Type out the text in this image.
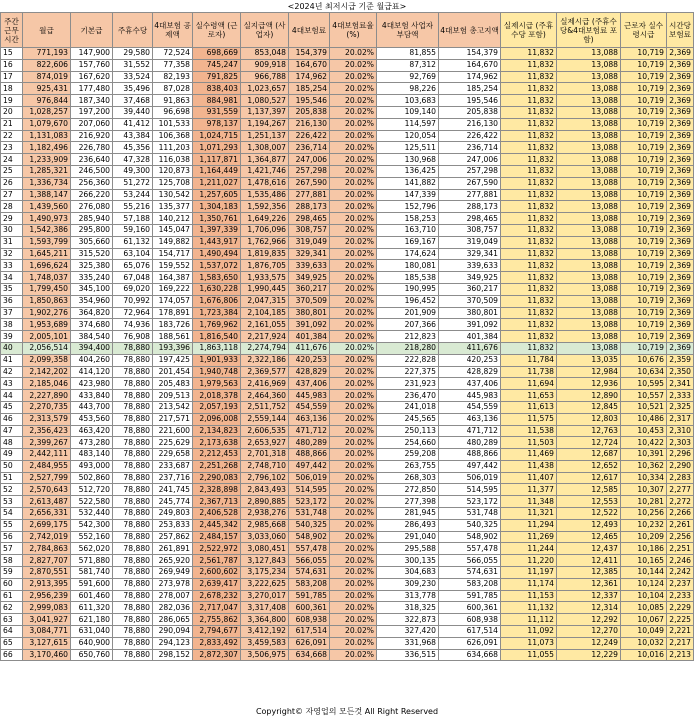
<2024년 최저시급 기준 월급표>
주간 근무 시간	월급	기본급	주휴수당	4대보험 공제액	실수령액 (근로자)	실지급액 (사업자)	4대보험료	4대보험료율 (%)	4대보험 사업자 부담액	4대보험 총고지액	실제시급 (주휴수당 포함)	실제시급 (주휴수당&4대보험료 포함)	근로자 실수령시급	시간당 보험료
15	771,193	147,900	29,580	72,524	698,669	853,048	154,379	20.02%	81,855	154,379	11,832	13,088	10,719	2,369
16	822,606	157,760	31,552	77,358	745,247	909,918	164,670	20.02%	87,312	164,670	11,832	13,088	10,719	2,369
17	874,019	167,620	33,524	82,193	791,825	966,788	174,962	20.02%	92,769	174,962	11,832	13,088	10,719	2,369
18	925,431	177,480	35,496	87,028	838,403	1,023,657	185,254	20.02%	98,226	185,254	11,832	13,088	10,719	2,369
19	976,844	187,340	37,468	91,863	884,981	1,080,527	195,546	20.02%	103,683	195,546	11,832	13,088	10,719	2,369
20	1,028,257	197,200	39,440	96,698	931,559	1,137,397	205,838	20.02%	109,140	205,838	11,832	13,088	10,719	2,369
21	1,079,670	207,060	41,412	101,533	978,137	1,194,267	216,130	20.02%	114,597	216,130	11,832	13,088	10,719	2,369
22	1,131,083	216,920	43,384	106,368	1,024,715	1,251,137	226,422	20.02%	120,054	226,422	11,832	13,088	10,719	2,369
23	1,182,496	226,780	45,356	111,203	1,071,293	1,308,007	236,714	20.02%	125,511	236,714	11,832	13,088	10,719	2,369
24	1,233,909	236,640	47,328	116,038	1,117,871	1,364,877	247,006	20.02%	130,968	247,006	11,832	13,088	10,719	2,369
25	1,285,321	246,500	49,300	120,873	1,164,449	1,421,746	257,298	20.02%	136,425	257,298	11,832	13,088	10,719	2,369
26	1,336,734	256,360	51,272	125,708	1,211,027	1,478,616	267,590	20.02%	141,882	267,590	11,832	13,088	10,719	2,369
27	1,388,147	266,220	53,244	130,542	1,257,605	1,535,486	277,881	20.02%	147,339	277,881	11,832	13,088	10,719	2,369
28	1,439,560	276,080	55,216	135,377	1,304,183	1,592,356	288,173	20.02%	152,796	288,173	11,832	13,088	10,719	2,369
29	1,490,973	285,940	57,188	140,212	1,350,761	1,649,226	298,465	20.02%	158,253	298,465	11,832	13,088	10,719	2,369
30	1,542,386	295,800	59,160	145,047	1,397,339	1,706,096	308,757	20.02%	163,710	308,757	11,832	13,088	10,719	2,369
31	1,593,799	305,660	61,132	149,882	1,443,917	1,762,966	319,049	20.02%	169,167	319,049	11,832	13,088	10,719	2,369
32	1,645,211	315,520	63,104	154,717	1,490,494	1,819,835	329,341	20.02%	174,624	329,341	11,832	13,088	10,719	2,369
33	1,696,624	325,380	65,076	159,552	1,537,072	1,876,705	339,633	20.02%	180,081	339,633	11,832	13,088	10,719	2,369
34	1,748,037	335,240	67,048	164,387	1,583,650	1,933,575	349,925	20.02%	185,538	349,925	11,832	13,088	10,719	2,369
35	1,799,450	345,100	69,020	169,222	1,630,228	1,990,445	360,217	20.02%	190,995	360,217	11,832	13,088	10,719	2,369
36	1,850,863	354,960	70,992	174,057	1,676,806	2,047,315	370,509	20.02%	196,452	370,509	11,832	13,088	10,719	2,369
37	1,902,276	364,820	72,964	178,891	1,723,384	2,104,185	380,801	20.02%	201,909	380,801	11,832	13,088	10,719	2,369
38	1,953,689	374,680	74,936	183,726	1,769,962	2,161,055	391,092	20.02%	207,366	391,092	11,832	13,088	10,719	2,369
39	2,005,101	384,540	76,908	188,561	1,816,540	2,217,924	401,384	20.02%	212,823	401,384	11,832	13,088	10,719	2,369
40	2,056,514	394,400	78,880	193,396	1,863,118	2,274,794	411,676	20.02%	218,280	411,676	11,832	13,088	10,719	2,369
41	2,099,358	404,260	78,880	197,425	1,901,933	2,322,186	420,253	20.02%	222,828	420,253	11,784	13,035	10,676	2,359
42	2,142,202	414,120	78,880	201,454	1,940,748	2,369,577	428,829	20.02%	227,375	428,829	11,738	12,984	10,634	2,350
43	2,185,046	423,980	78,880	205,483	1,979,563	2,416,969	437,406	20.02%	231,923	437,406	11,694	12,936	10,595	2,341
44	2,227,890	433,840	78,880	209,513	2,018,378	2,464,360	445,983	20.02%	236,470	445,983	11,653	12,890	10,557	2,333
45	2,270,735	443,700	78,880	213,542	2,057,193	2,511,752	454,559	20.02%	241,018	454,559	11,613	12,845	10,521	2,325
46	2,313,579	453,560	78,880	217,571	2,096,008	2,559,144	463,136	20.02%	245,565	463,136	11,575	12,803	10,486	2,317
47	2,356,423	463,420	78,880	221,600	2,134,823	2,606,535	471,712	20.02%	250,113	471,712	11,538	12,763	10,453	2,310
48	2,399,267	473,280	78,880	225,629	2,173,638	2,653,927	480,289	20.02%	254,660	480,289	11,503	12,724	10,422	2,303
49	2,442,111	483,140	78,880	229,658	2,212,453	2,701,318	488,866	20.02%	259,208	488,866	11,469	12,687	10,391	2,296
50	2,484,955	493,000	78,880	233,687	2,251,268	2,748,710	497,442	20.02%	263,755	497,442	11,438	12,652	10,362	2,290
51	2,527,799	502,860	78,880	237,716	2,290,083	2,796,102	506,019	20.02%	268,303	506,019	11,407	12,617	10,334	2,283
52	2,570,643	512,720	78,880	241,745	2,328,898	2,843,493	514,595	20.02%	272,850	514,595	11,377	12,585	10,307	2,277
53	2,613,487	522,580	78,880	245,774	2,367,713	2,890,885	523,172	20.02%	277,398	523,172	11,348	12,553	10,281	2,272
54	2,656,331	532,440	78,880	249,803	2,406,528	2,938,276	531,748	20.02%	281,945	531,748	11,321	12,522	10,256	2,266
55	2,699,175	542,300	78,880	253,833	2,445,342	2,985,668	540,325	20.02%	286,493	540,325	11,294	12,493	10,232	2,261
56	2,742,019	552,160	78,880	257,862	2,484,157	3,033,060	548,902	20.02%	291,040	548,902	11,269	12,465	10,209	2,256
57	2,784,863	562,020	78,880	261,891	2,522,972	3,080,451	557,478	20.02%	295,588	557,478	11,244	12,437	10,186	2,251
58	2,827,707	571,880	78,880	265,920	2,561,787	3,127,843	566,055	20.02%	300,135	566,055	11,220	12,411	10,165	2,246
59	2,870,551	581,740	78,880	269,949	2,600,602	3,175,234	574,631	20.02%	304,683	574,631	11,197	12,385	10,144	2,242
60	2,913,395	591,600	78,880	273,978	2,639,417	3,222,625	583,208	20.02%	309,230	583,208	11,174	12,361	10,124	2,237
61	2,956,239	601,460	78,880	278,007	2,678,232	3,270,017	591,785	20.02%	313,778	591,785	11,153	12,337	10,104	2,233
62	2,999,083	611,320	78,880	282,036	2,717,047	3,317,408	600,361	20.02%	318,325	600,361	11,132	12,314	10,085	2,229
63	3,041,927	621,180	78,880	286,065	2,755,862	3,364,800	608,938	20.02%	322,873	608,938	11,112	12,292	10,067	2,225
64	3,084,771	631,040	78,880	290,094	2,794,677	3,412,192	617,514	20.02%	327,420	617,514	11,092	12,270	10,049	2,221
65	3,127,615	640,900	78,880	294,123	2,833,492	3,459,583	626,091	20.02%	331,968	626,091	11,073	12,249	10,032	2,217
66	3,170,460	650,760	78,880	298,152	2,872,307	3,506,975	634,668	20.02%	336,515	634,668	11,055	12,229	10,016	2,213
Copyright© 자영업의 모든것 All Right Reserved
